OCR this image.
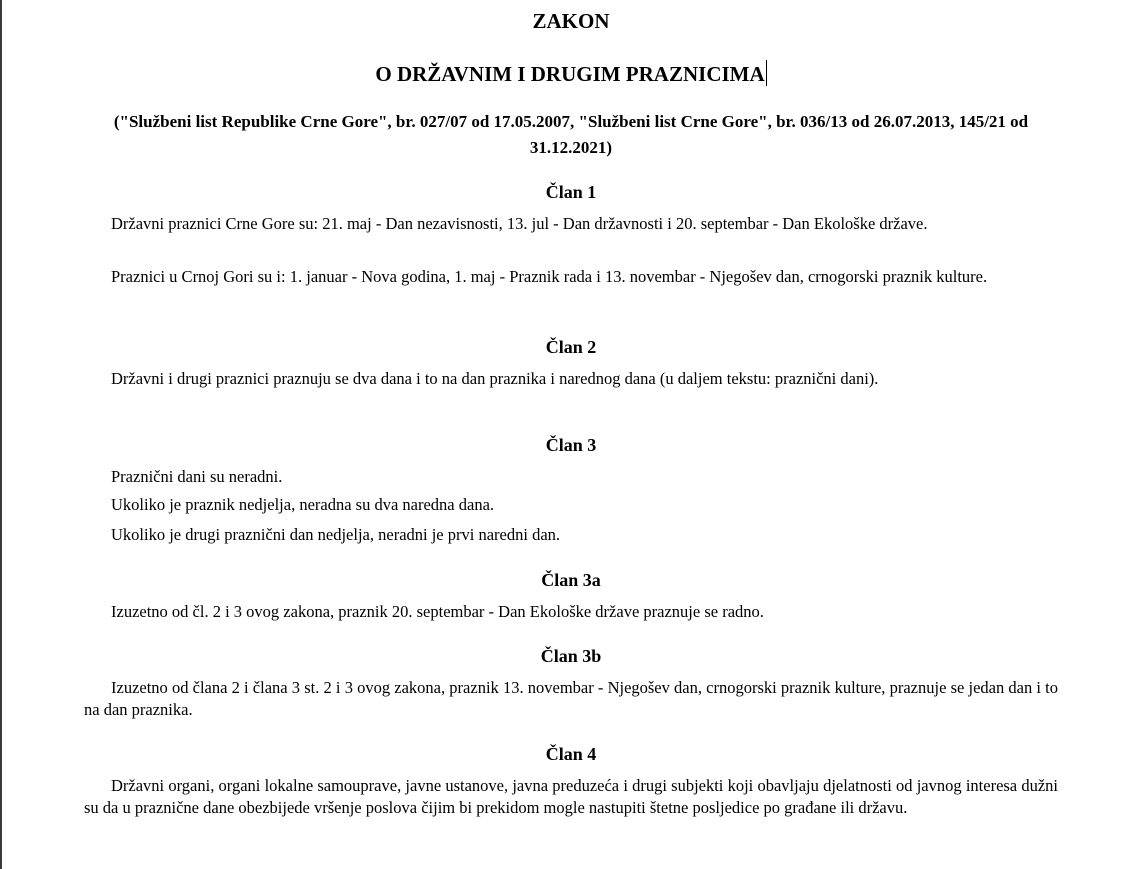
ZAKON
O DRŽAVNIM I DRUGIM PRAZNICIMA
("Službeni list Republike Crne Gore", br. 027/07 od 17.05.2007, "Službeni list Crne Gore", br. 036/13 od 26.07.2013, 145/21 od 31.12.2021)
Član 1

Državni praznici Crne Gore su: 21. maj - Dan nezavisnosti, 13. jul - Dan državnosti i 20. septembar - Dan Ekološke države.

Praznici u Crnoj Gori su i: 1. januar - Nova godina, 1. maj - Praznik rada i 13. novembar - Njegošev dan, crnogorski praznik kulture.

Član 2

Državni i drugi praznici praznuju se dva dana i to na dan praznika i narednog dana (u daljem tekstu: praznični dani).

Član 3

Praznični dani su neradni.

Ukoliko je praznik nedjelja, neradna su dva naredna dana.

Ukoliko je drugi praznični dan nedjelja, neradni je prvi naredni dan.

Član 3a

Izuzetno od čl. 2 i 3 ovog zakona, praznik 20. septembar - Dan Ekološke države praznuje se radno.

Član 3b

Izuzetno od člana 2 i člana 3 st. 2 i 3 ovog zakona, praznik 13. novembar - Njegošev dan, crnogorski praznik kulture, praznuje se jedan dan i to na dan praznika.

Član 4

Državni organi, organi lokalne samouprave, javne ustanove, javna preduzeća i drugi subjekti koji obavljaju djelatnosti od javnog interesa dužni su da u praznične dane obezbijede vršenje poslova čijim bi prekidom mogle nastupiti štetne posljedice po građane ili državu.
